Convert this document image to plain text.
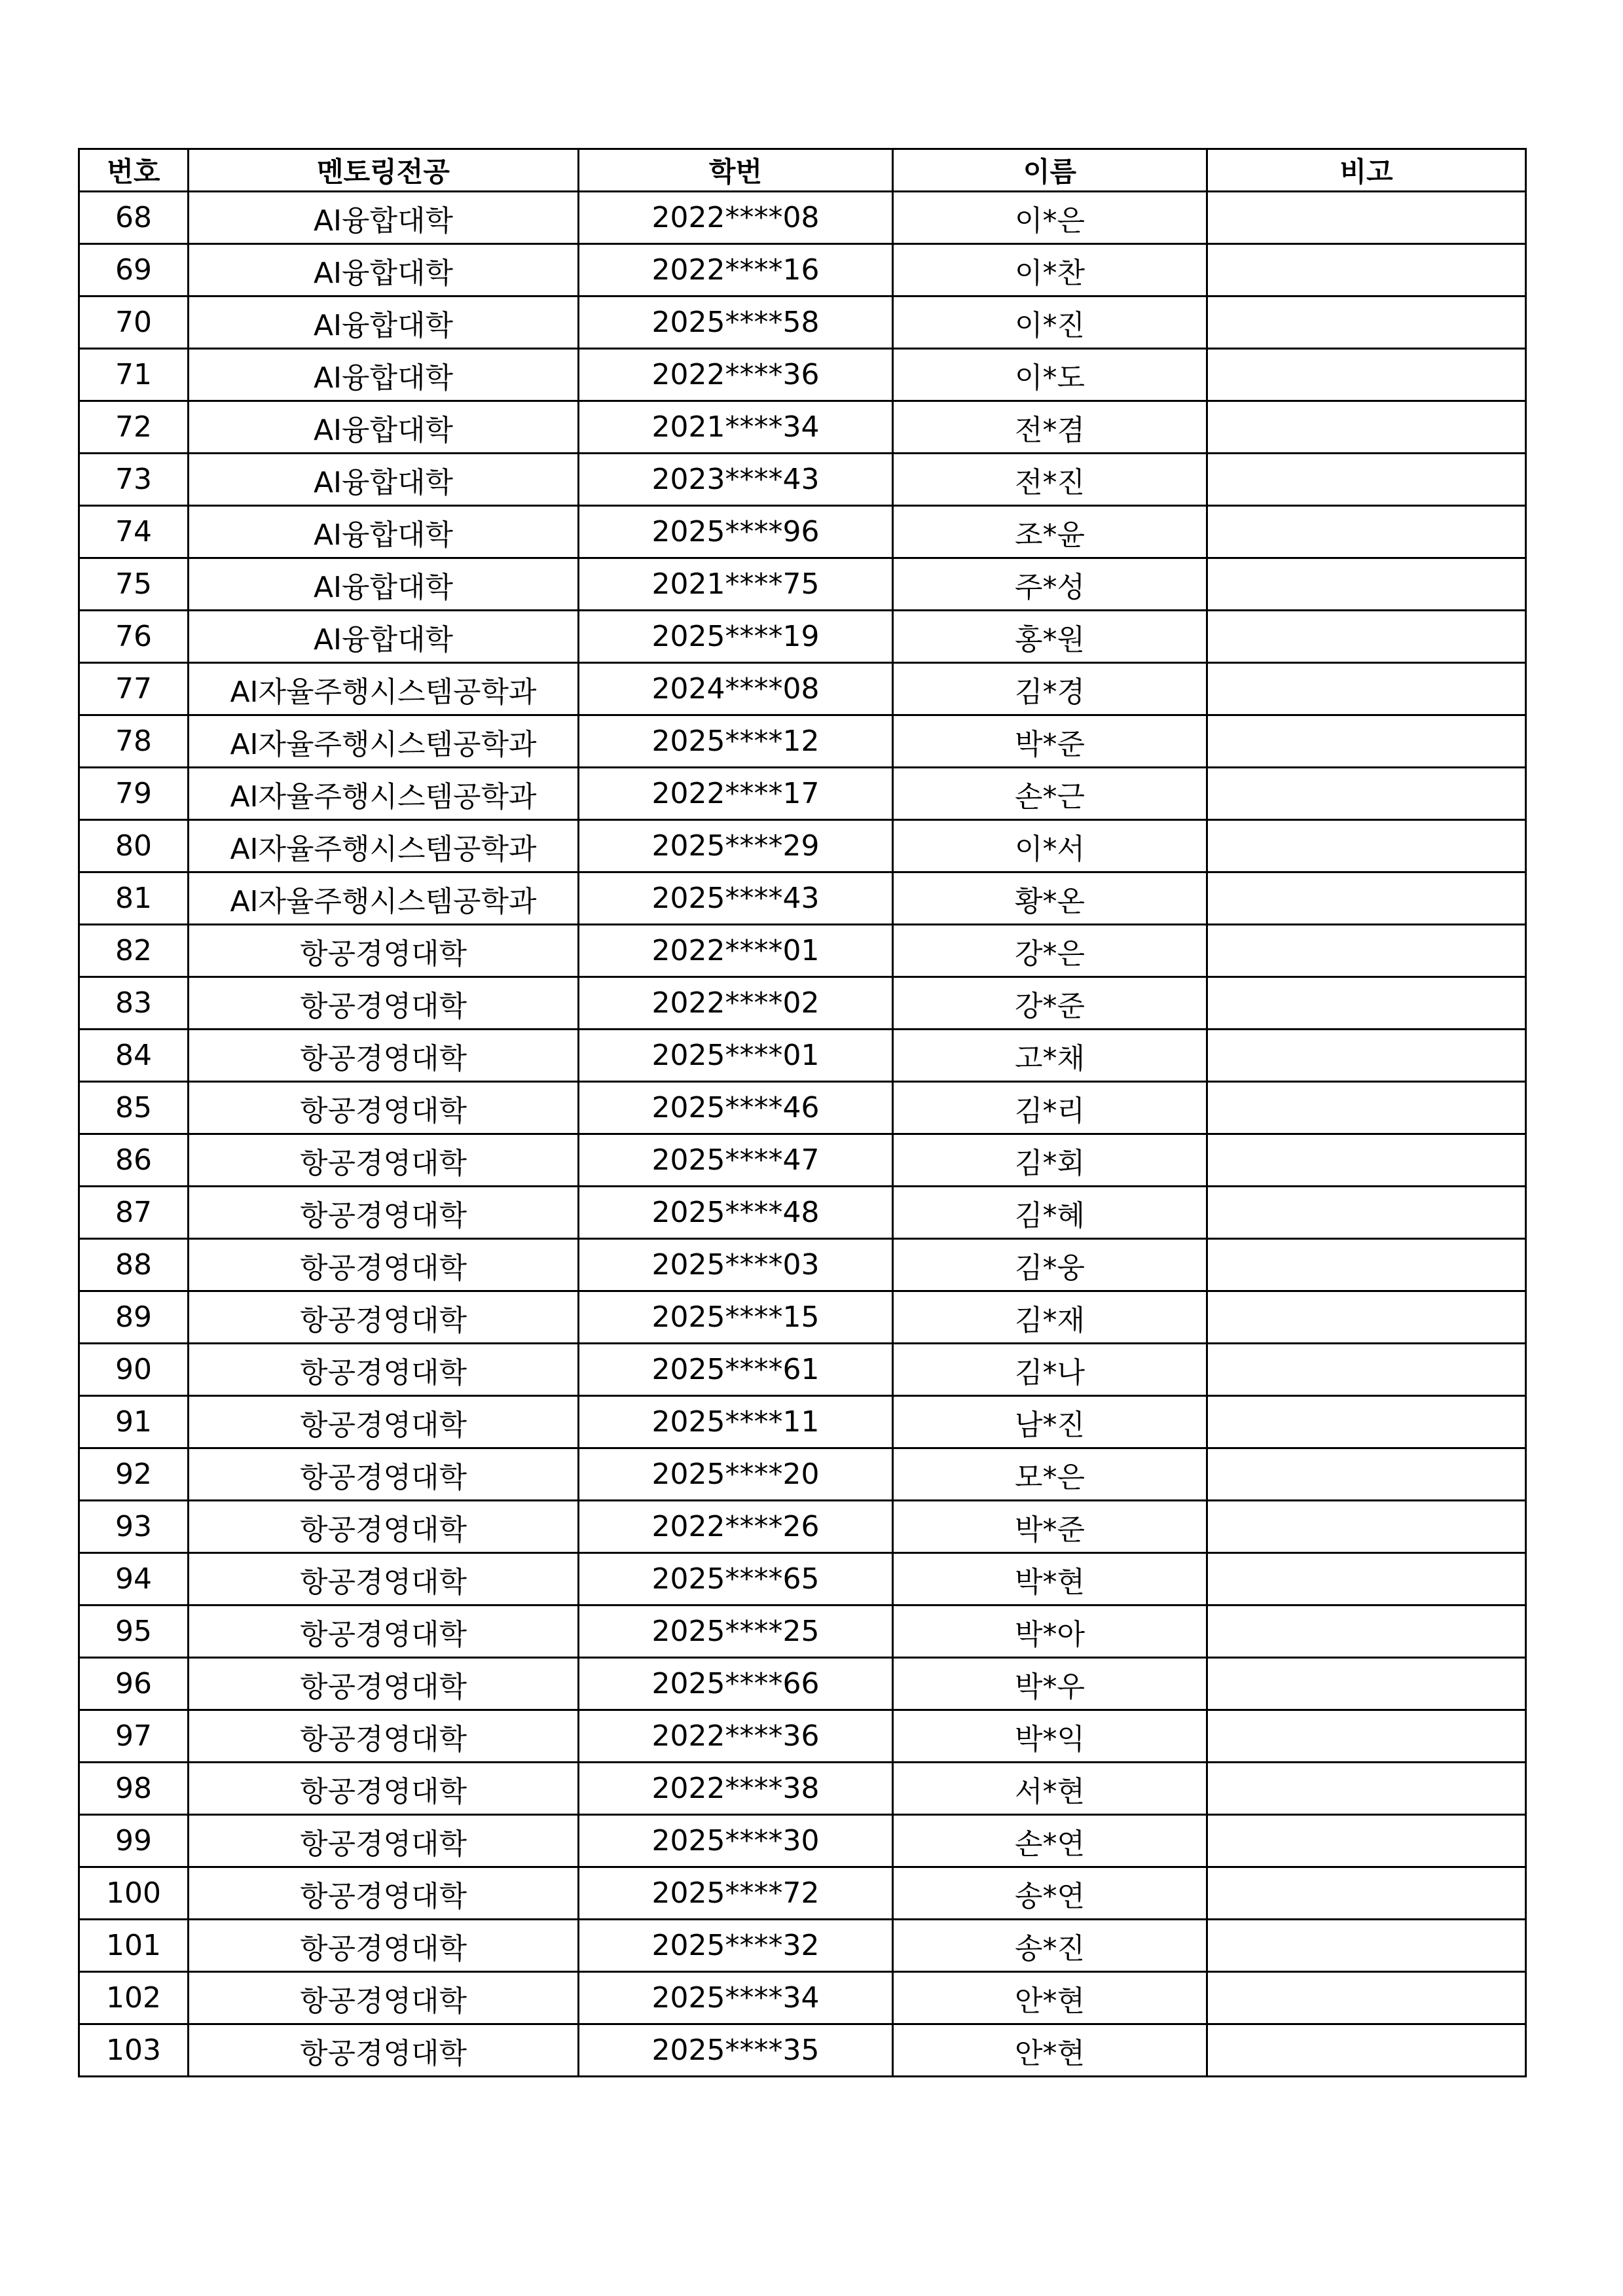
번호	멘토링전공	학번	이름	비고
68	AI융합대학	2022****08	이*은	
69	AI융합대학	2022****16	이*찬	
70	AI융합대학	2025****58	이*진	
71	AI융합대학	2022****36	이*도	
72	AI융합대학	2021****34	전*겸	
73	AI융합대학	2023****43	전*진	
74	AI융합대학	2025****96	조*윤	
75	AI융합대학	2021****75	주*성	
76	AI융합대학	2025****19	홍*원	
77	AI자율주행시스템공학과	2024****08	김*경	
78	AI자율주행시스템공학과	2025****12	박*준	
79	AI자율주행시스템공학과	2022****17	손*근	
80	AI자율주행시스템공학과	2025****29	이*서	
81	AI자율주행시스템공학과	2025****43	황*온	
82	항공경영대학	2022****01	강*은	
83	항공경영대학	2022****02	강*준	
84	항공경영대학	2025****01	고*채	
85	항공경영대학	2025****46	김*리	
86	항공경영대학	2025****47	김*회	
87	항공경영대학	2025****48	김*혜	
88	항공경영대학	2025****03	김*웅	
89	항공경영대학	2025****15	김*재	
90	항공경영대학	2025****61	김*나	
91	항공경영대학	2025****11	남*진	
92	항공경영대학	2025****20	모*은	
93	항공경영대학	2022****26	박*준	
94	항공경영대학	2025****65	박*현	
95	항공경영대학	2025****25	박*아	
96	항공경영대학	2025****66	박*우	
97	항공경영대학	2022****36	박*익	
98	항공경영대학	2022****38	서*현	
99	항공경영대학	2025****30	손*연	
100	항공경영대학	2025****72	송*연	
101	항공경영대학	2025****32	송*진	
102	항공경영대학	2025****34	안*현	
103	항공경영대학	2025****35	안*현	
